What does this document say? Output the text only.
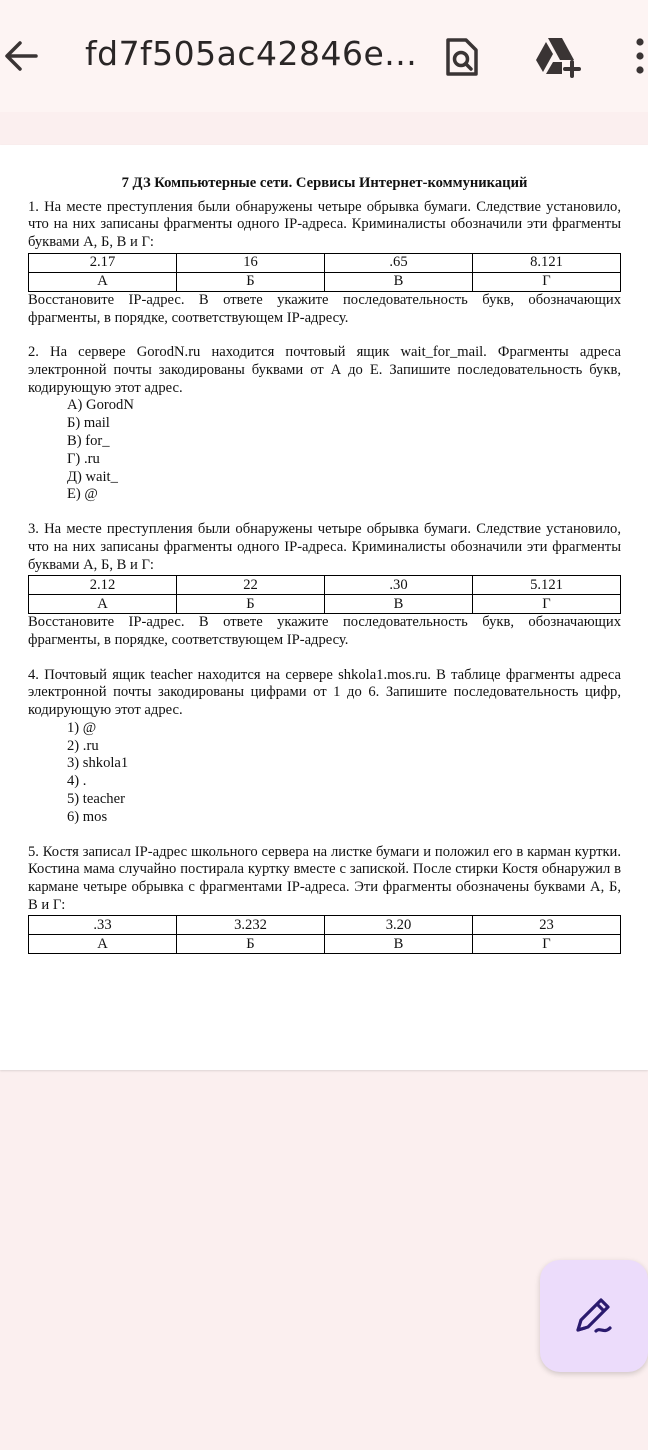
fd7f505ac42846e...

7 ДЗ Компьютерные сети. Сервисы Интернет-коммуникаций

1. На месте преступления были обнаружены четыре обрывка бумаги. Следствие установило, что на них записаны фрагменты одного IP-адреса. Криминалисты обозначили эти фрагменты буквами А, Б, В и Г:

2.17	16	.65	8.121
А	Б	В	Г

Восстановите IP-адрес. В ответе укажите последовательность букв, обозначающих фрагменты, в порядке, соответствующем IP-адресу.

2. На сервере GorodN.ru находится почтовый ящик wait_for_mail. Фрагменты адреса электронной почты закодированы буквами от А до Е. Запишите последовательность букв, кодирующую этот адрес.

А) GorodN
Б) mail
В) for_
Г) .ru
Д) wait_
Е) @

3. На месте преступления были обнаружены четыре обрывка бумаги. Следствие установило, что на них записаны фрагменты одного IP-адреса. Криминалисты обозначили эти фрагменты буквами А, Б, В и Г:

2.12	22	.30	5.121
А	Б	В	Г

Восстановите IP-адрес. В ответе укажите последовательность букв, обозначающих фрагменты, в порядке, соответствующем IP-адресу.

4. Почтовый ящик teacher находится на сервере shkola1.mos.ru. В таблице фрагменты адреса электронной почты закодированы цифрами от 1 до 6. Запишите последовательность цифр, кодирующую этот адрес.

1) @
2) .ru
3) shkola1
4) .
5) teacher
6) mos

5. Костя записал IP-адрес школьного сервера на листке бумаги и положил его в карман куртки. Костина мама случайно постирала куртку вместе с запиской. После стирки Костя обнаружил в кармане четыре обрывка с фрагментами IP-адреса. Эти фрагменты обозначены буквами А, Б, В и Г:

.33	3.232	3.20	23
А	Б	В	Г
